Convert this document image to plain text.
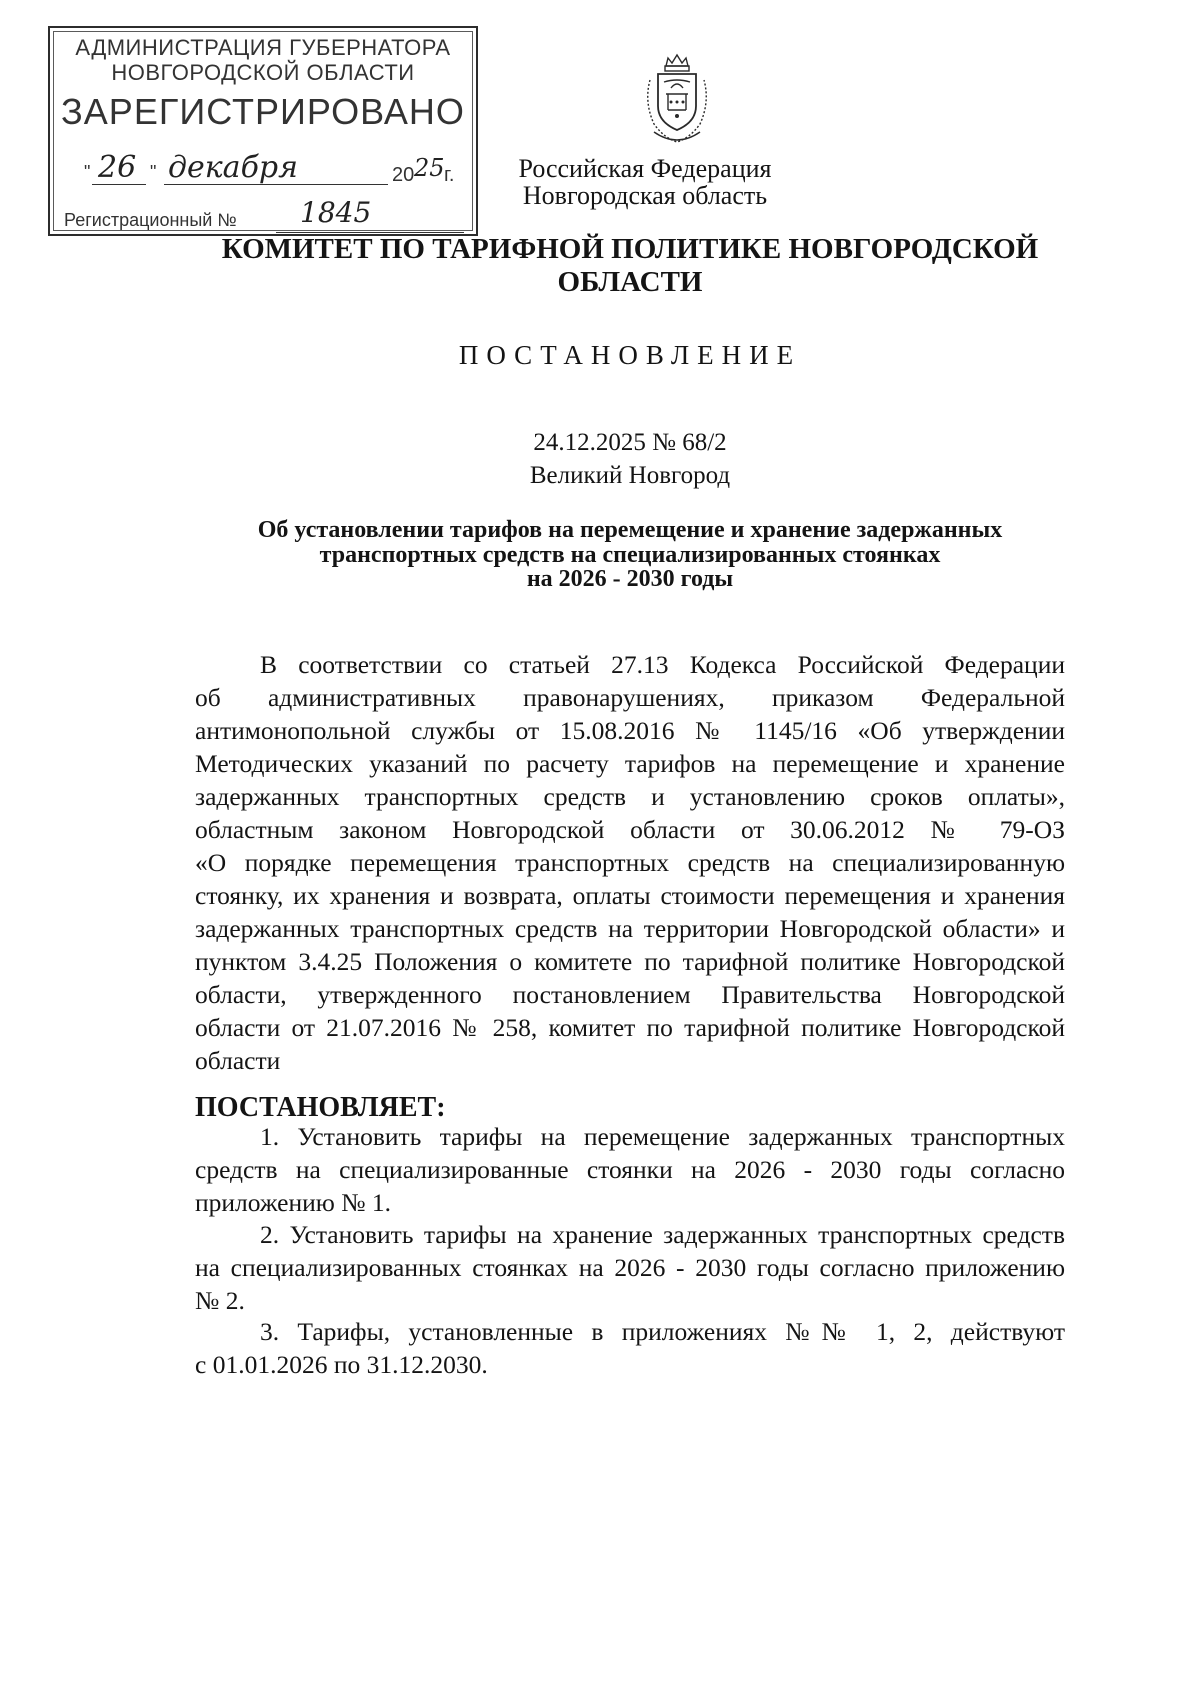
АДМИНИСТРАЦИЯ ГУБЕРНАТОРА
НОВГОРОДСКОЙ ОБЛАСТИ
ЗАРЕГИСТРИРОВАНО
" 26 " декабря	20 25 г.
Регистрационный № 1845
Российская Федерация
Новгородская область
КОМИТЕТ ПО ТАРИФНОЙ ПОЛИТИКЕ НОВГОРОДСКОЙ
ОБЛАСТИ
ПОСТАНОВЛЕНИЕ
24.12.2025 № 68/2
Великий Новгород
Об установлении тарифов на перемещение и хранение задержанных
транспортных средств на специализированных стоянках
на 2026 - 2030 годы
В соответствии со статьей 27.13 Кодекса Российской Федерации
об административных правонарушениях, приказом Федеральной
антимонопольной службы от 15.08.2016 № 1145/16 «Об утверждении
Методических указаний по расчету тарифов на перемещение и хранение
задержанных транспортных средств и установлению сроков оплаты»,
областным законом Новгородской области от 30.06.2012 № 79-ОЗ
«О порядке перемещения транспортных средств на специализированную
стоянку, их хранения и возврата, оплаты стоимости перемещения и хранения
задержанных транспортных средств на территории Новгородской области» и
пунктом 3.4.25 Положения о комитете по тарифной политике Новгородской
области, утвержденного постановлением Правительства Новгородской
области от 21.07.2016 № 258, комитет по тарифной политике Новгородской
области
ПОСТАНОВЛЯЕТ:
1. Установить тарифы на перемещение задержанных транспортных
средств на специализированные стоянки на 2026 - 2030 годы согласно
приложению № 1.
2. Установить тарифы на хранение задержанных транспортных средств
на специализированных стоянках на 2026 - 2030 годы согласно приложению
№ 2.
3. Тарифы, установленные в приложениях №№ 1, 2, действуют
с 01.01.2026 по 31.12.2030.
